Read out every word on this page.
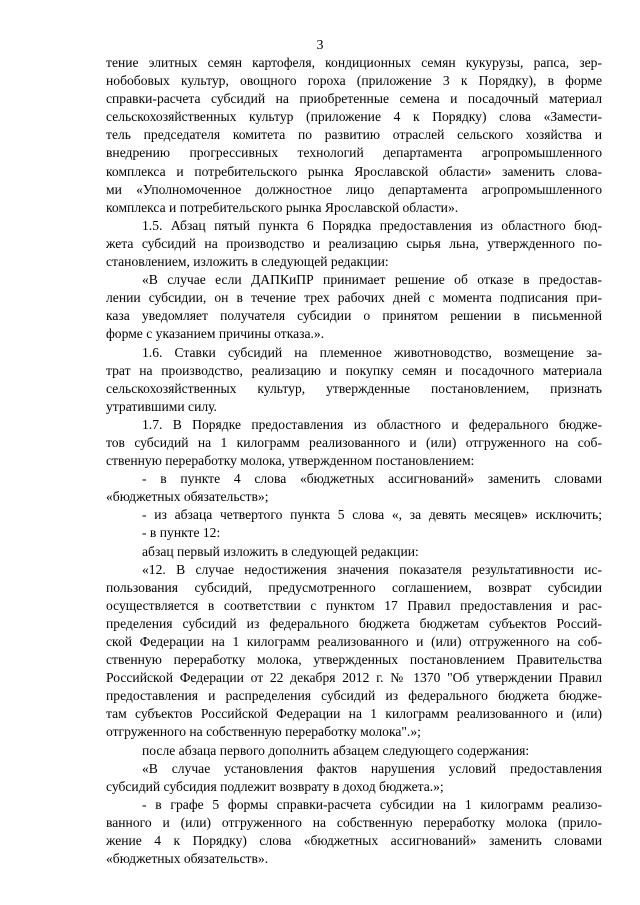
3
тение элитных семян картофеля, кондиционных семян кукурузы, рапса, зер-
нобобовых культур, овощного гороха (приложение 3 к Порядку), в форме
справки-расчета субсидий на приобретенные семена и посадочный материал
сельскохозяйственных культур (приложение 4 к Порядку) слова «Замести-
тель председателя комитета по развитию отраслей сельского хозяйства и
внедрению прогрессивных технологий департамента агропромышленного
комплекса и потребительского рынка Ярославской области» заменить слова-
ми «Уполномоченное должностное лицо департамента агропромышленного
комплекса и потребительского рынка Ярославской области».
1.5. Абзац пятый пункта 6 Порядка предоставления из областного бюд-
жета субсидий на производство и реализацию сырья льна, утвержденного по-
становлением, изложить в следующей редакции:
«В случае если ДАПКиПР принимает решение об отказе в предостав-
лении субсидии, он в течение трех рабочих дней с момента подписания при-
каза уведомляет получателя субсидии о принятом решении в письменной
форме с указанием причины отказа.».
1.6. Ставки субсидий на племенное животноводство, возмещение за-
трат на производство, реализацию и покупку семян и посадочного материала
сельскохозяйственных культур, утвержденные постановлением, признать
утратившими силу.
1.7. В Порядке предоставления из областного и федерального бюдже-
тов субсидий на 1 килограмм реализованного и (или) отгруженного на соб-
ственную переработку молока, утвержденном постановлением:
- в пункте 4 слова «бюджетных ассигнований» заменить словами
«бюджетных обязательств»;
- из абзаца четвертого пункта 5 слова «, за девять месяцев» исключить;
- в пункте 12:
абзац первый изложить в следующей редакции:
«12. В случае недостижения значения показателя результативности ис-
пользования субсидий, предусмотренного соглашением, возврат субсидии
осуществляется в соответствии с пунктом 17 Правил предоставления и рас-
пределения субсидий из федерального бюджета бюджетам субъектов Россий-
ской Федерации на 1 килограмм реализованного и (или) отгруженного на соб-
ственную переработку молока, утвержденных постановлением Правительства
Российской Федерации от 22 декабря 2012 г. № 1370 "Об утверждении Правил
предоставления и распределения субсидий из федерального бюджета бюдже-
там субъектов Российской Федерации на 1 килограмм реализованного и (или)
отгруженного на собственную переработку молока".»;
после абзаца первого дополнить абзацем следующего содержания:
«В случае установления фактов нарушения условий предоставления
субсидий субсидия подлежит возврату в доход бюджета.»;
- в графе 5 формы справки-расчета субсидии на 1 килограмм реализо-
ванного и (или) отгруженного на собственную переработку молока (прило-
жение 4 к Порядку) слова «бюджетных ассигнований» заменить словами
«бюджетных обязательств».
